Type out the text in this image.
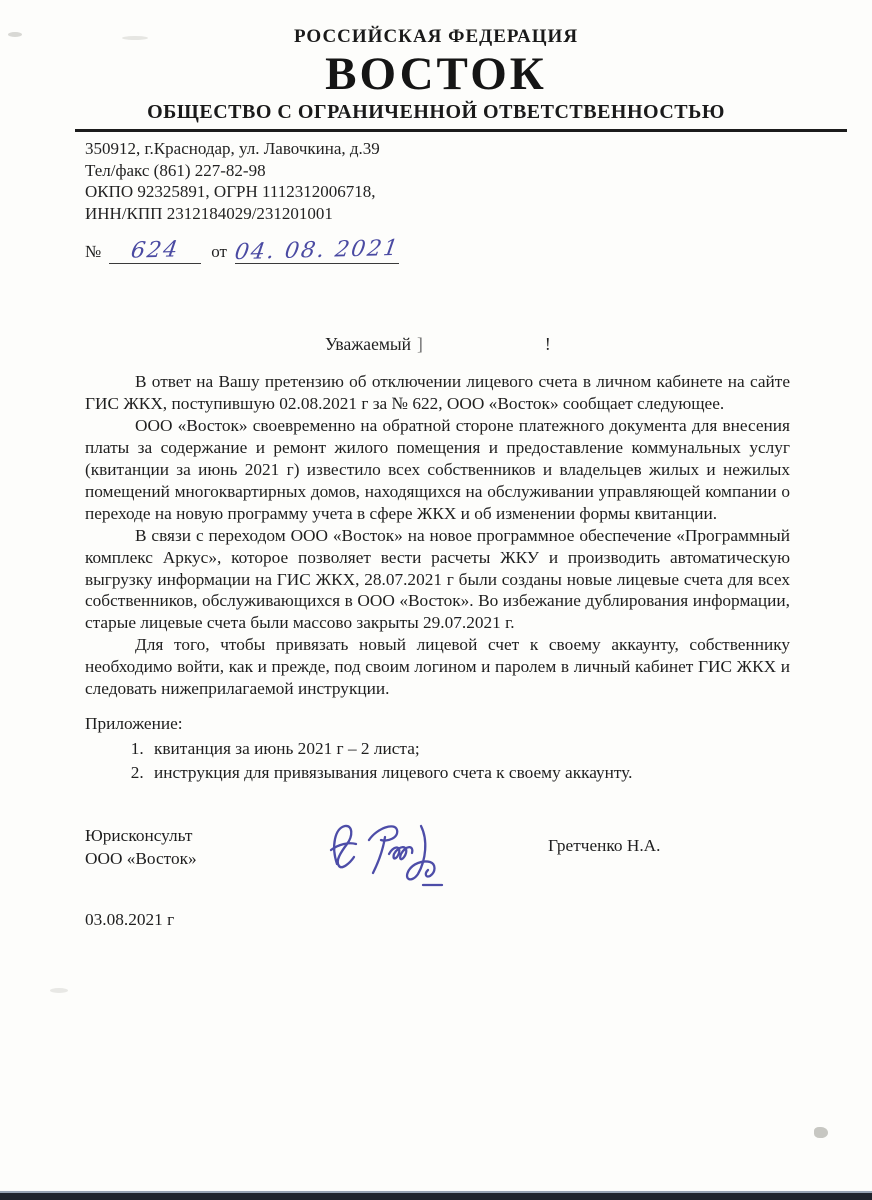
РОССИЙСКАЯ ФЕДЕРАЦИЯ
ВОСТОК
ОБЩЕСТВО С ОГРАНИЧЕННОЙ ОТВЕТСТВЕННОСТЬЮ
350912, г.Краснодар, ул. Лавочкина, д.39
Тел/факс (861) 227-82-98
ОКПО 92325891, ОГРН 1112312006718,
ИНН/КПП 2312184029/231201001
№ 624 от 04. 08. 2021
Уважаемый ]	!

В ответ на Вашу претензию об отключении лицевого счета в личном кабинете на сайте ГИС ЖКХ, поступившую 02.08.2021 г за № 622, ООО «Восток» сообщает следующее.

ООО «Восток» своевременно на обратной стороне платежного документа для внесения платы за содержание и ремонт жилого помещения и предоставление коммунальных услуг (квитанции за июнь 2021 г) известило всех собственников и владельцев жилых и нежилых помещений многоквартирных домов, находящихся на обслуживании управляющей компании о переходе на новую программу учета в сфере ЖКХ и об изменении формы квитанции.

В связи с переходом ООО «Восток» на новое программное обеспечение «Программный комплекс Аркус», которое позволяет вести расчеты ЖКУ и производить автоматическую выгрузку информации на ГИС ЖКХ, 28.07.2021 г были созданы новые лицевые счета для всех собственников, обслуживающихся в ООО «Восток». Во избежание дублирования информации, старые лицевые счета были массово закрыты 29.07.2021 г.

Для того, чтобы привязать новый лицевой счет к своему аккаунту, собственнику необходимо войти, как и прежде, под своим логином и паролем в личный кабинет ГИС ЖКХ и следовать нижеприлагаемой инструкции.

Приложение:
1. квитанция за июнь 2021 г – 2 листа;
2. инструкция для привязывания лицевого счета к своему аккаунту.
Юрисконсульт
ООО «Восток»
Гретченко Н.А.
03.08.2021 г
